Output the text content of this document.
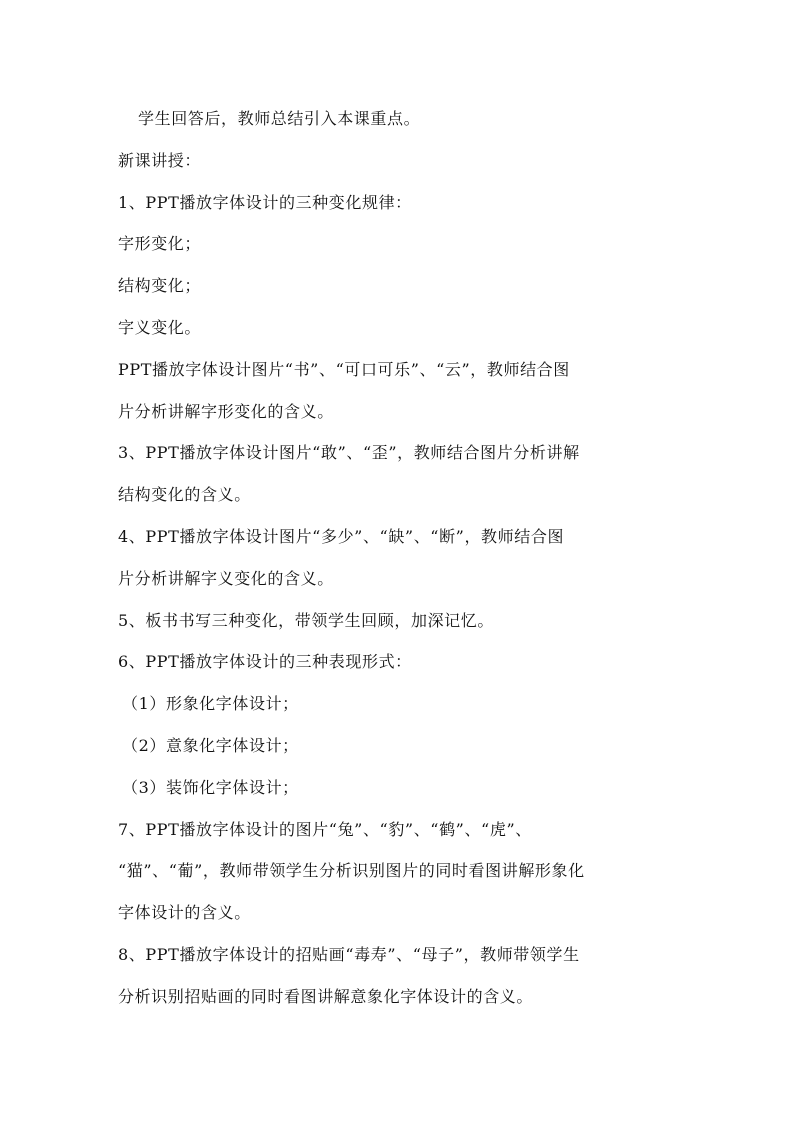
学生回答后，教师总结引入本课重点。
新课讲授：
1、PPT播放字体设计的三种变化规律：
字形变化；
结构变化；
字义变化。
PPT播放字体设计图片“书”、“可口可乐”、“云”，教师结合图
片分析讲解字形变化的含义。
3、PPT播放字体设计图片“敢”、“歪”，教师结合图片分析讲解
结构变化的含义。
4、PPT播放字体设计图片“多少”、“缺”、“断”，教师结合图
片分析讲解字义变化的含义。
5、板书书写三种变化，带领学生回顾，加深记忆。
6、PPT播放字体设计的三种表现形式：
（1）形象化字体设计；
（2）意象化字体设计；
（3）装饰化字体设计；
7、PPT播放字体设计的图片“兔”、“豹”、“鹤”、“虎”、
“猫”、“葡”，教师带领学生分析识别图片的同时看图讲解形象化
字体设计的含义。
8、PPT播放字体设计的招贴画“毒寿”、“母子”，教师带领学生
分析识别招贴画的同时看图讲解意象化字体设计的含义。
